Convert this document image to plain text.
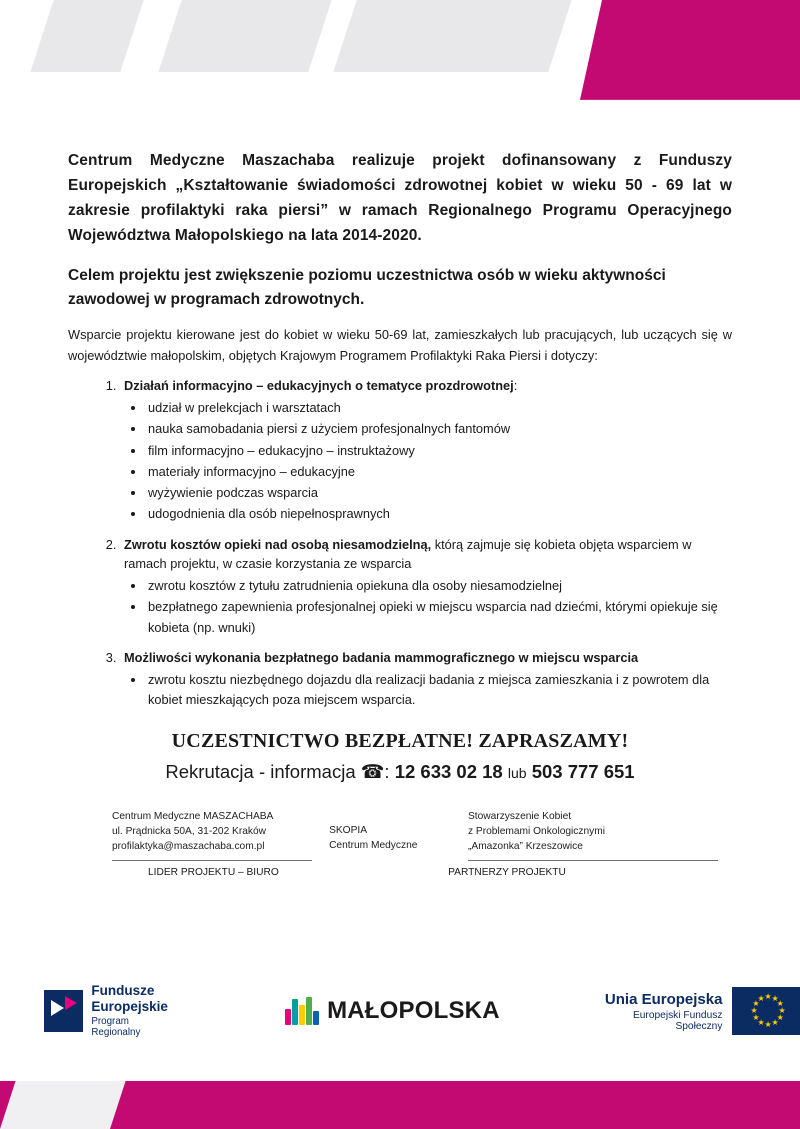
Centrum Medyczne Maszachaba realizuje projekt dofinansowany z Funduszy Europejskich „Kształtowanie świadomości zdrowotnej kobiet w wieku 50 - 69 lat w zakresie profilaktyki raka piersi” w ramach Regionalnego Programu Operacyjnego Województwa Małopolskiego na lata 2014-2020.

Celem projektu jest zwiększenie poziomu uczestnictwa osób w wieku aktywności zawodowej w programach zdrowotnych.

Wsparcie projektu kierowane jest do kobiet w wieku 50-69 lat, zamieszkałych lub pracujących, lub uczących się w województwie małopolskim, objętych Krajowym Programem Profilaktyki Raka Piersi i dotyczy:

1. Działań informacyjno – edukacyjnych o tematyce prozdrowotnej:
• udział w prelekcjach i warsztatach
• nauka samobadania piersi z użyciem profesjonalnych fantomów
• film informacyjno – edukacyjno – instruktażowy
• materiały informacyjno – edukacyjne
• wyżywienie podczas wsparcia
• udogodnienia dla osób niepełnosprawnych
2. Zwrotu kosztów opieki nad osobą niesamodzielną, którą zajmuje się kobieta objęta wsparciem w ramach projektu, w czasie korzystania ze wsparcia
• zwrotu kosztów z tytułu zatrudnienia opiekuna dla osoby niesamodzielnej
• bezpłatnego zapewnienia profesjonalnej opieki w miejscu wsparcia nad dziećmi, którymi opiekuje się kobieta (np. wnuki)
3. Możliwości wykonania bezpłatnego badania mammograficznego w miejscu wsparcia
• zwrotu kosztu niezbędnego dojazdu dla realizacji badania z miejsca zamieszkania i z powrotem dla kobiet mieszkających poza miejscem wsparcia.

UCZESTNICTWO BEZPŁATNE! ZAPRASZAMY!

Rekrutacja - informacja ☎: 12 633 02 18 lub 503 777 651

Centrum Medyczne MASZACHABA
ul. Prądnicka 50A, 31-202 Kraków
profilaktyka@maszachaba.com.pl
SKOPIA
Centrum Medyczne
Stowarzyszenie Kobiet
z Problemami Onkologicznymi
„Amazonka” Krzeszowice
LIDER PROJEKTU – BIURO	PARTNERZY PROJEKTU
Fundusze
Europejskie
Program Regionalny
MAŁOPOLSKA	Unia Europejska
Europejski Fundusz Społeczny
★ ★
★
★
★
★
★
★
★
★
★
★
